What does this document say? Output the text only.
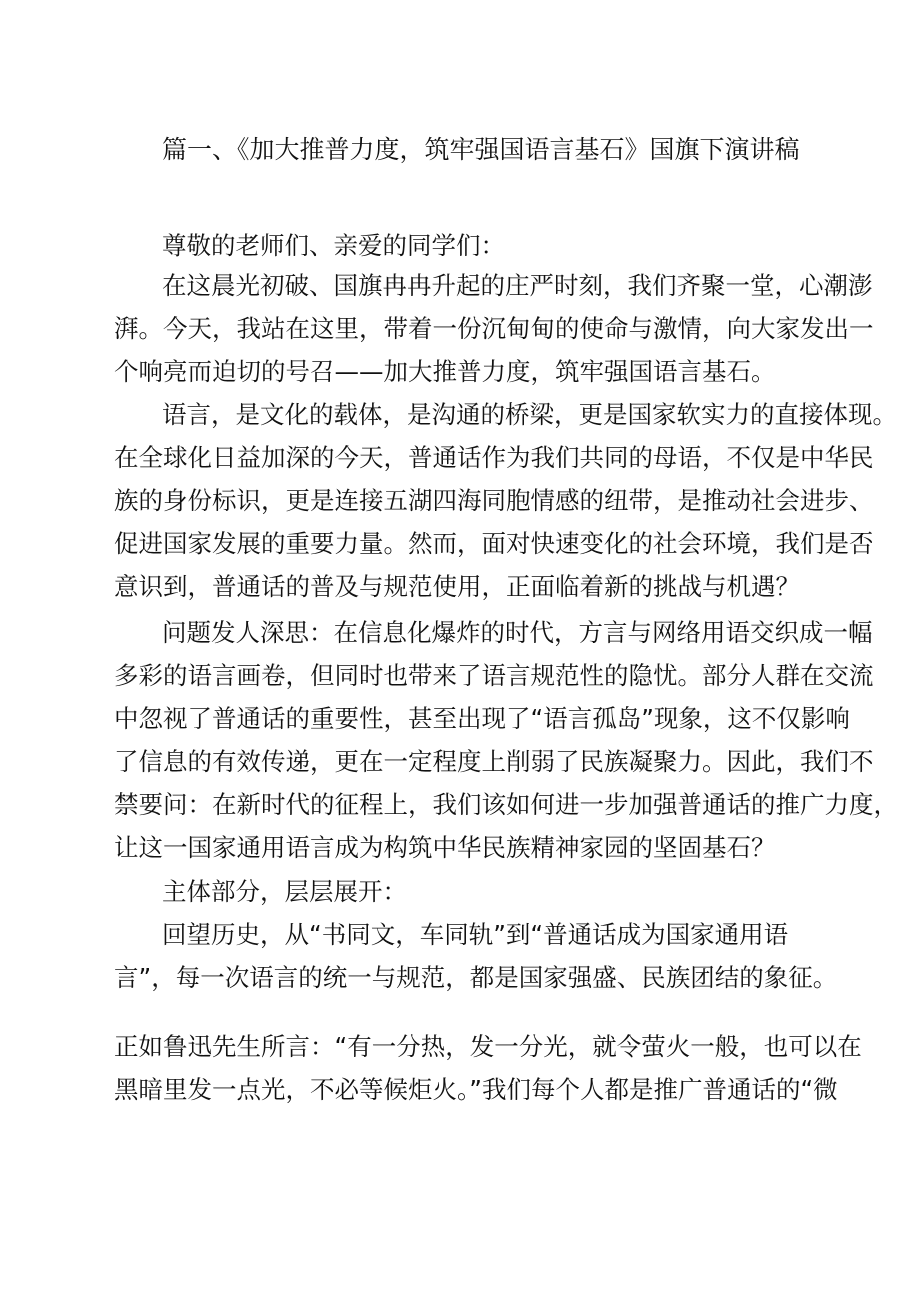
篇一、《加大推普力度，筑牢强国语言基石》国旗下演讲稿
尊敬的老师们、亲爱的同学们：
在这晨光初破、国旗冉冉升起的庄严时刻，我们齐聚一堂，心潮澎
湃。今天，我站在这里，带着一份沉甸甸的使命与激情，向大家发出一
个响亮而迫切的号召——加大推普力度，筑牢强国语言基石。
语言，是文化的载体，是沟通的桥梁，更是国家软实力的直接体现。
在全球化日益加深的今天，普通话作为我们共同的母语，不仅是中华民
族的身份标识，更是连接五湖四海同胞情感的纽带，是推动社会进步、
促进国家发展的重要力量。然而，面对快速变化的社会环境，我们是否
意识到，普通话的普及与规范使用，正面临着新的挑战与机遇？
问题发人深思：在信息化爆炸的时代，方言与网络用语交织成一幅
多彩的语言画卷，但同时也带来了语言规范性的隐忧。部分人群在交流
中忽视了普通话的重要性，甚至出现了“语言孤岛”现象，这不仅影响
了信息的有效传递，更在一定程度上削弱了民族凝聚力。因此，我们不
禁要问：在新时代的征程上，我们该如何进一步加强普通话的推广力度，
让这一国家通用语言成为构筑中华民族精神家园的坚固基石？
主体部分，层层展开：
回望历史，从“书同文，车同轨”到“普通话成为国家通用语
言”，每一次语言的统一与规范，都是国家强盛、民族团结的象征。
正如鲁迅先生所言：“有一分热，发一分光，就令萤火一般，也可以在
黑暗里发一点光，不必等候炬火。”我们每个人都是推广普通话的“微
